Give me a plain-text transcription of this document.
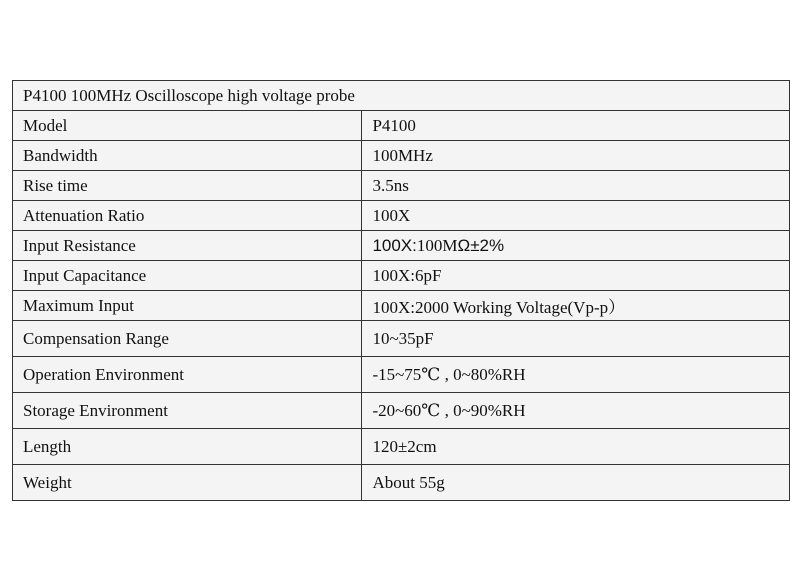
P4100 100MHz Oscilloscope high voltage probe	
Model	P4100
Bandwidth	100MHz
Rise time	3.5ns
Attenuation Ratio	100X
Input Resistance	100X:100MΩ±2%
Input Capacitance	100X:6pF
Maximum Input	100X:2000 Working Voltage(Vp-p）
Compensation Range	10~35pF
Operation Environment	-15~75℃ , 0~80%RH
Storage Environment	-20~60℃ , 0~90%RH
Length	120±2cm
Weight	About 55g
